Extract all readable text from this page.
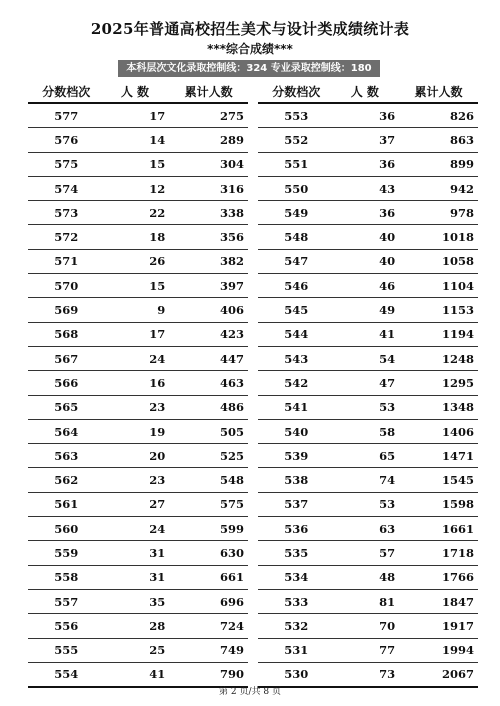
2025年普通高校招生美术与设计类成绩统计表
***综合成绩***
本科层次文化录取控制线：324 专业录取控制线：180
分数档次	人 数	累计人数
577	17	275
576	14	289
575	15	304
574	12	316
573	22	338
572	18	356
571	26	382
570	15	397
569	9	406
568	17	423
567	24	447
566	16	463
565	23	486
564	19	505
563	20	525
562	23	548
561	27	575
560	24	599
559	31	630
558	31	661
557	35	696
556	28	724
555	25	749
554	41	790
分数档次	人 数	累计人数
553	36	826
552	37	863
551	36	899
550	43	942
549	36	978
548	40	1018
547	40	1058
546	46	1104
545	49	1153
544	41	1194
543	54	1248
542	47	1295
541	53	1348
540	58	1406
539	65	1471
538	74	1545
537	53	1598
536	63	1661
535	57	1718
534	48	1766
533	81	1847
532	70	1917
531	77	1994
530	73	2067
第 2 页/共 8 页
